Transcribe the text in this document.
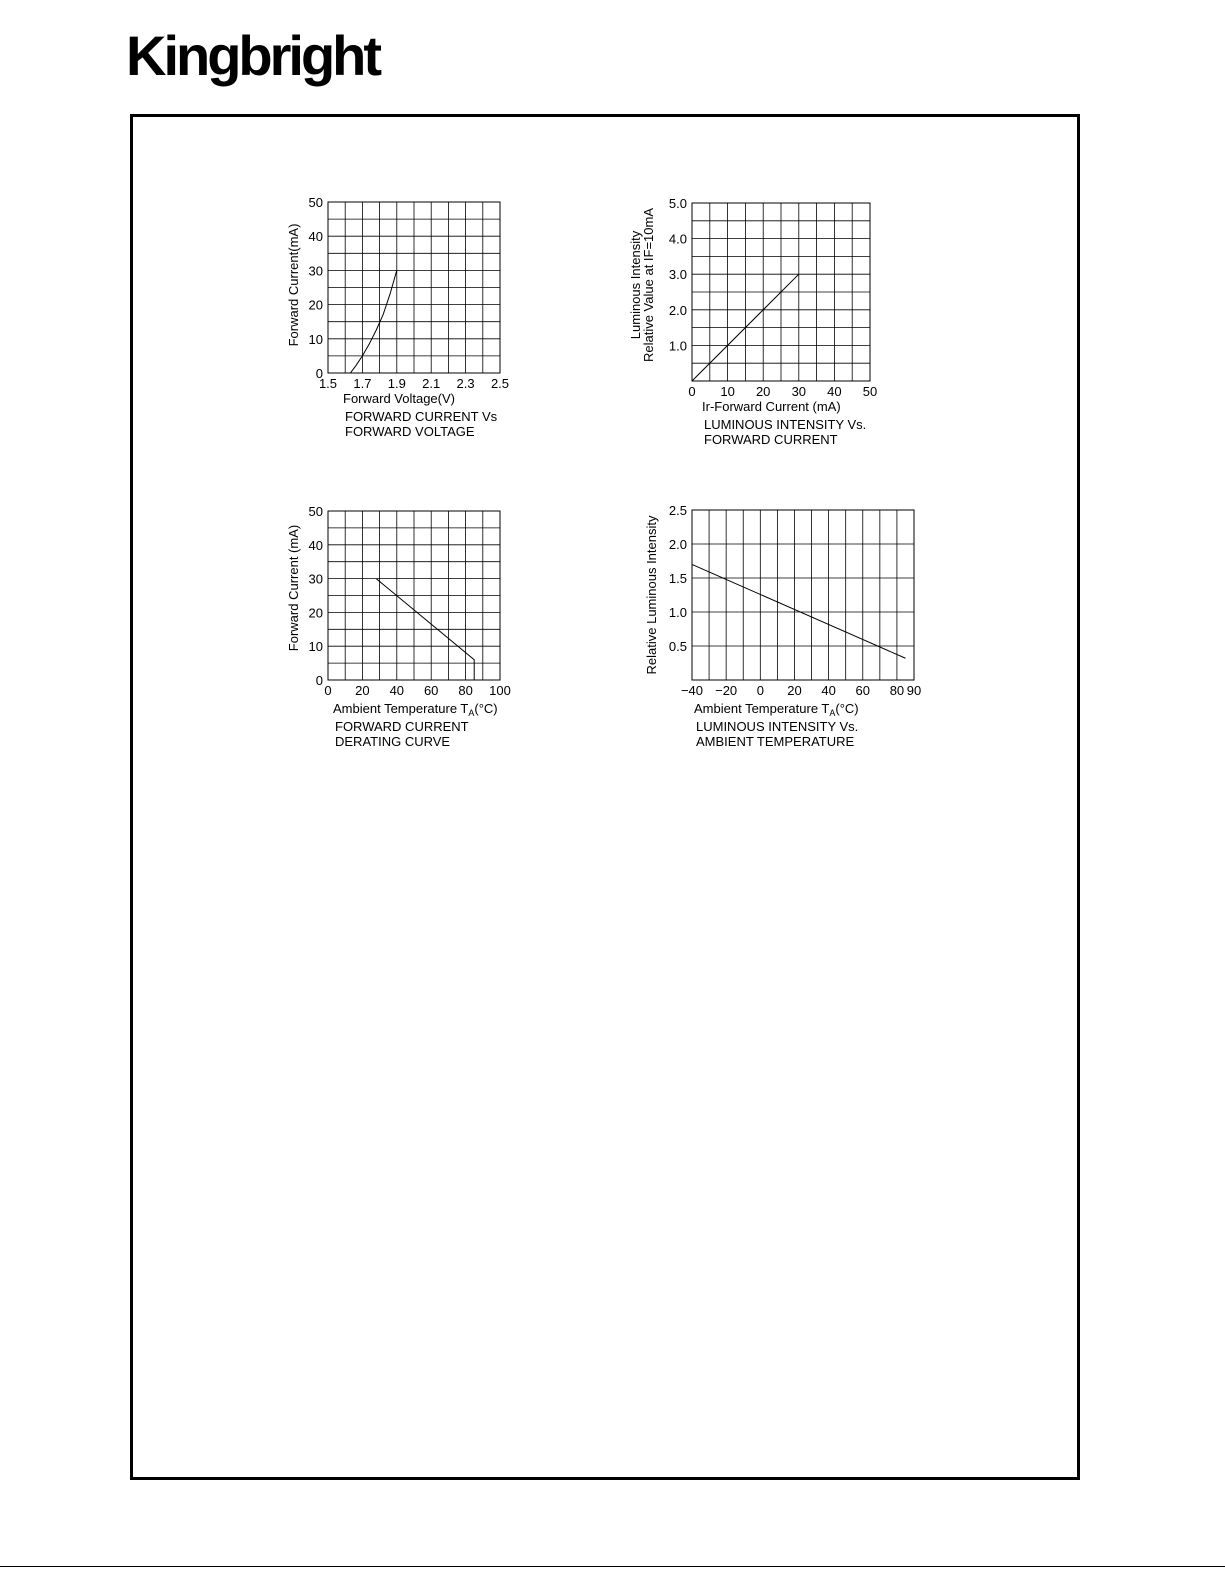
Kingbright
1.5 1.7 1.9 2.1 2.3 2.5
0
10
20
30
40
50
Forward Voltage(V)
Forward Current(mA)
FORWARD CURRENT Vs
FORWARD VOLTAGE
0 10 20 30 40 50
1.0
2.0
3.0
4.0
5.0
Ir-Forward Current (mA)
Luminous Intensity
Relative Value at IF=10mA
LUMINOUS INTENSITY Vs.
FORWARD CURRENT
0 20 40 60 80 100
0
10
20
30
40
50
Ambient Temperature $T_A(^\circ C)$
Forward Current (mA)
FORWARD CURRENT
DERATING CURVE
−40 −20 0 20 40 60 80 90
0.5
1.0
1.5
2.0
2.5
Ambient Temperature $T_A(^\circ C)$
Relative Luminous Intensity
LUMINOUS INTENSITY Vs.
AMBIENT TEMPERATURE
